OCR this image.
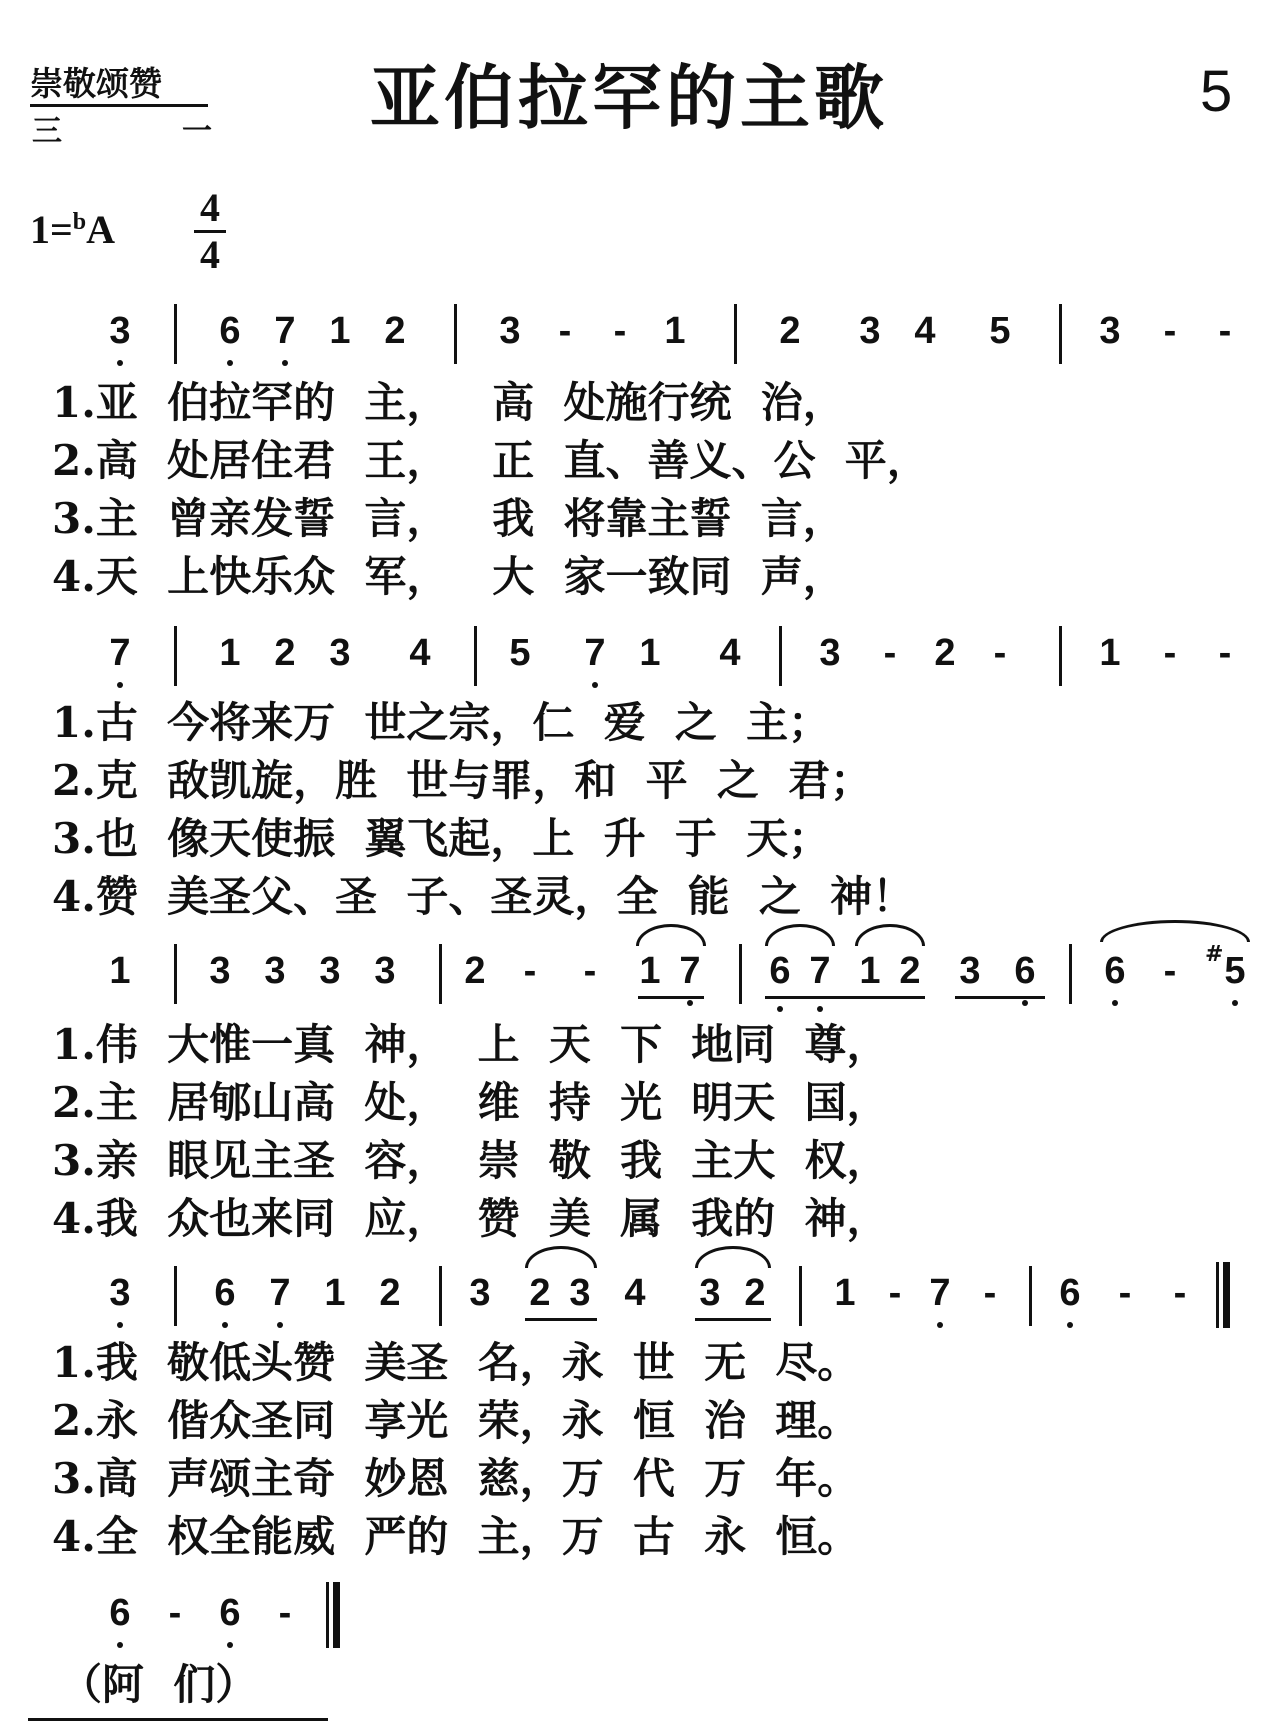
崇敬颂赞
三	一 亚伯拉罕的主歌	5
1=$^b$A 4
4
3 6 7 1 2 3	-	-	1 2 3 4 5 3	-	-
1.亚  伯拉罕的  主，   高  处施行统  治，
2.高  处居住君  王，   正  直、善义、公  平，
3.主  曾亲发誓  言，   我  将靠主誓  言，
4.天  上快乐众  军，   大  家一致同  声，
7 1 2 3 4 5 7 1 4 3	-	2	-	1	-	-
1.古  今将来万  世之宗，仁  爱  之  主；
2.克  敌凯旋，胜  世与罪，和  平  之  君；
3.也  像天使振  翼飞起，上  升  于  天；
4.赞  美圣父、圣  子、圣灵，全  能  之  神！
1 3 3 3 3 2	-	-	1 7 6 7 1 2 3 6 6	-	# 5
1.伟  大惟一真  神，  上  天  下  地同  尊，
2.主  居郇山高  处，  维  持  光  明天  国，
3.亲  眼见主圣  容，  崇  敬  我  主大  权，
4.我  众也来同  应，  赞  美  属  我的  神，
3 6 7 1 2 3 2 3 4 3 2 1 - 7 -	6	-	-
1.我  敬低头赞  美圣  名，永  世  无  尽。
2.永  偕众圣同  享光  荣，永  恒  治  理。
3.高  声颂主奇  妙恩  慈，万  代  万  年。
4.全  权全能威  严的  主，万  古  永  恒。
6	-	6	-
（阿  们）
